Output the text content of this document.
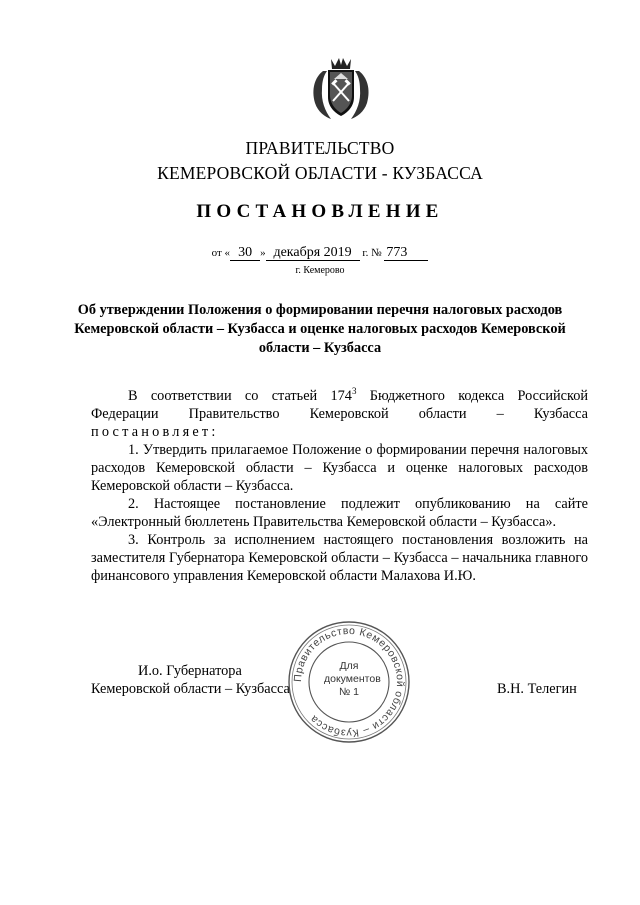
ПРАВИТЕЛЬСТВО
КЕМЕРОВСКОЙ ОБЛАСТИ - КУЗБАССА
ПОСТАНОВЛЕНИЕ
от « 30 » декабря 2019 г. № 773
г. Кемерово
Об утверждении Положения о формировании перечня налоговых расходов Кемеровской области – Кузбасса и оценке налоговых расходов Кемеровской области – Кузбасса

В соответствии со статьей $174^3$ Бюджетного кодекса Российской Федерации Правительство Кемеровской области – Кузбасса

постановляет:

1. Утвердить прилагаемое Положение о формировании перечня налоговых расходов Кемеровской области – Кузбасса и оценке налоговых расходов Кемеровской области – Кузбасса.

2. Настоящее постановление подлежит опубликованию на сайте «Электронный бюллетень Правительства Кемеровской области – Кузбасса».

3. Контроль за исполнением настоящего постановления возложить на заместителя Губернатора Кемеровской области – Кузбасса – начальника главного финансового управления Кемеровской области Малахова И.Ю.

И.о. Губернатора
Кемеровской области – Кузбасса	В.Н. Телегин
Правительство Кемеровской области – Кузбасса
Для
документов
№ 1
